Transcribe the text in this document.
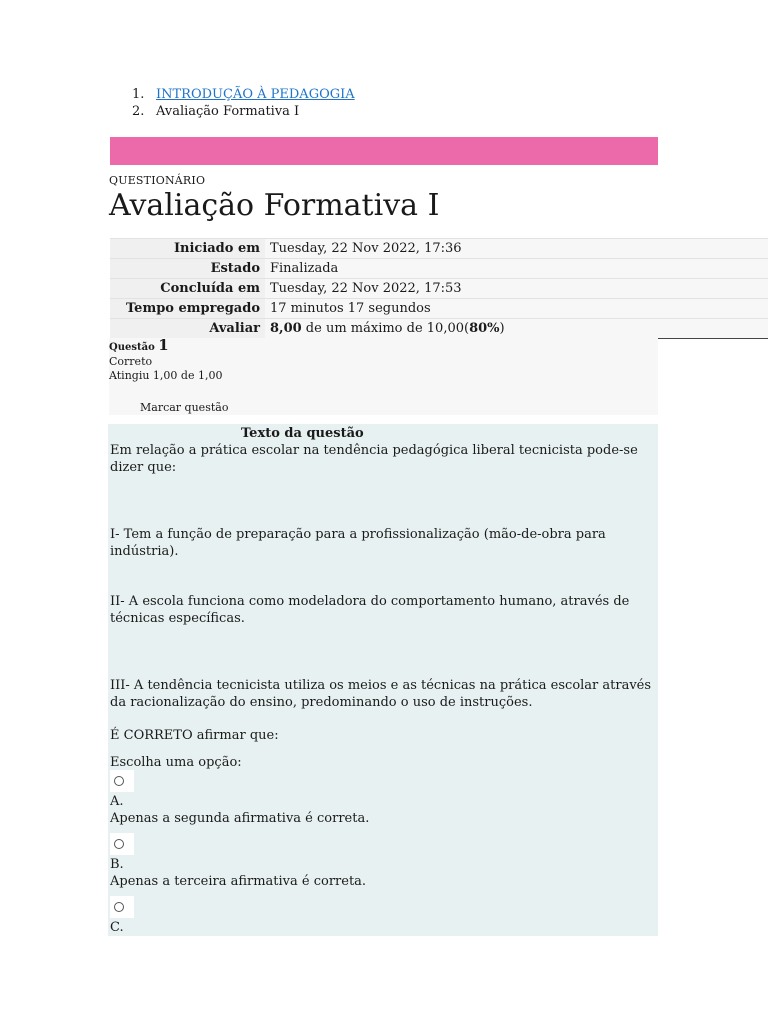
1. INTRODUÇÃO À PEDAGOGIA
2. Avaliação Formativa I
QUESTIONÁRIO
Avaliação Formativa I
Iniciado em	Tuesday, 22 Nov 2022, 17:36
Estado	Finalizada
Concluída em	Tuesday, 22 Nov 2022, 17:53
Tempo empregado	17 minutos 17 segundos
Avaliar	8,00 de um máximo de 10,00(80%)
Questão 1
Correto
Atingiu 1,00 de 1,00
Marcar questão
Texto da questão

Em relação a prática escolar na tendência pedagógica liberal tecnicista pode-se dizer que:

I- Tem a função de preparação para a profissionalização (mão-de-obra para indústria).

II- A escola funciona como modeladora do comportamento humano, através de técnicas específicas.

III- A tendência tecnicista utiliza os meios e as técnicas na prática escolar através da racionalização do ensino, predominando o uso de instruções.

É CORRETO afirmar que:

Escolha uma opção:

A.

Apenas a segunda afirmativa é correta.

B.

Apenas a terceira afirmativa é correta.

C.
